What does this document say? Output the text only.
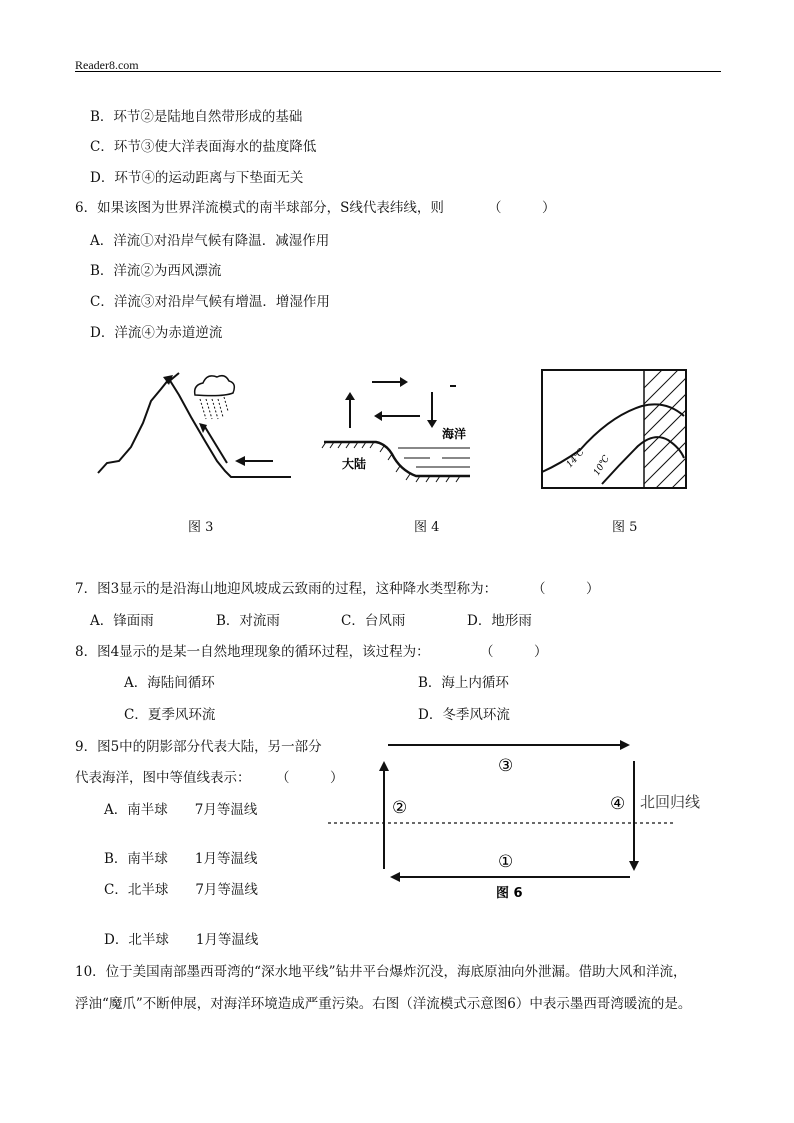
Reader8.com
B．环节②是陆地自然带形成的基础
C．环节③使大洋表面海水的盐度降低
D．环节④的运动距离与下垫面无关
6．如果该图为世界洋流模式的南半球部分，S线代表纬线，则	（　　　）
A．洋流①对沿岸气候有降温．减湿作用
B．洋流②为西风漂流
C．洋流③对沿岸气候有增温．增湿作用
D．洋流④为赤道逆流
图 3
海洋
大陆
图 4
14℃ 10℃
图 5
7．图3显示的是沿海山地迎风坡成云致雨的过程，这种降水类型称为：	（　　　）
A．锋面雨	B．对流雨	C．台风雨	D．地形雨
8．图4显示的是某一自然地理现象的循环过程，该过程为：	（　　　）
A．海陆间循环	B．海上内循环
C．夏季风环流	D．冬季风环流
9．图5中的阴影部分代表大陆，另一部分
代表海洋，图中等值线表示： （　　　）
A．南半球　　7月等温线
B．南半球　　1月等温线
C．北半球　　7月等温线
D．北半球　　1月等温线
③
②	④ 北回归线
①
图 6
10．位于美国南部墨西哥湾的“深水地平线”钻井平台爆炸沉没，海底原油向外泄漏。借助大风和洋流，
浮油“魔爪”不断伸展，对海洋环境造成严重污染。右图（洋流模式示意图6）中表示墨西哥湾暖流的是。
